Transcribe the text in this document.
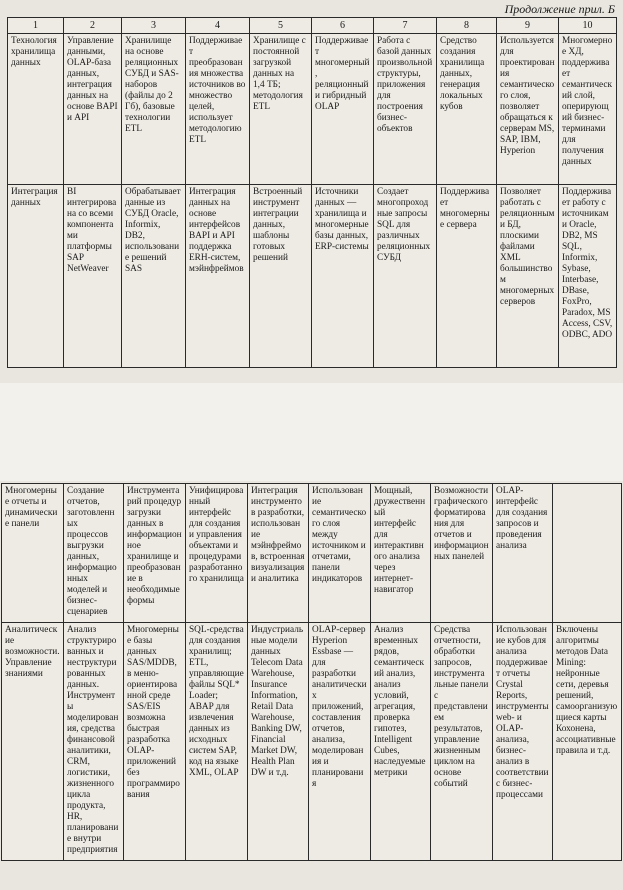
Продолжение прил. Б
1	2	3	4	5	6	7	8	9	10
Технология хранилища данных	Управление данными, OLAP-база данных, интеграция данных на основе BAPI и API	Хранилище на основе реляционных СУБД и SAS-наборов (файлы до 2 Гб), базовые технологии ETL	Поддерживает преобразования множества источников во множество целей, использует методологию ETL	Хранилище с постоянной загрузкой данных на 1,4 ТБ; методология ETL	Поддерживает многомерный, реляционный и гибридный OLAP	Работа с базой данных произвольной структуры, приложения для построения бизнес-объектов	Средство создания хранилища данных, генерация локальных кубов	Используется для проектирования семантического слоя, позволяет обращаться к серверам MS, SAP, IBM, Hyperion	Многомерное ХД, поддерживает семантический слой, оперирующий бизнес-терминами для получения данных
Интеграция данных	BI интегрирована со всеми компонентами платформы SAP NetWeaver	Обрабатывает данные из СУБД Oracle, Informix, DB2, использование решений SAS	Интеграция данных на основе интерфейсов BAPI и API поддержка ERH-систем, мэйнфреймов	Встроенный инструмент интеграции данных, шаблоны готовых решений	Источники данных — хранилища и многомерные базы данных, ERP-системы	Создает многопроходные запросы SQL для различных реляционных СУБД	Поддерживает многомерные сервера	Позволяет работать с реляционными БД, плоскими файлами XML большинством многомерных серверов	Поддерживает работу с источниками Oracle, DB2, MS SQL, Informix, Sybase, Interbase, DBase, FoxPro, Paradox, MS Access, CSV, ODBC, ADO
Многомерные отчеты и динамические панели	Создание отчетов, заготовленных процессов выгрузки данных, информационных моделей и бизнес-сценариев	Инструментарий процедур загрузки данных в информационное хранилище и преобразование в необходимые формы	Унифицированный интерфейс для создания и управления объектами и процедурами разработанного хранилища	Интеграция инструментов разработки, использование мэйнфреймов, встроенная визуализация и аналитика	Использование семантического слоя между источником и отчетами, панели индикаторов	Мощный, дружественный интерфейс для интерактивного анализа через интернет-навигатор	Возможности графического форматирования для отчетов и информационных панелей	OLAP-интерфейс для создания запросов и проведения анализа	
Аналитические возможности. Управление знаниями	Анализ структурированных и неструктурированных данных. Инструменты моделирования, средства финансовой аналитики, CRM, логистики, жизненного цикла продукта, HR, планирование внутри предприятия	Многомерные базы данных SAS/MDDB, в меню-ориентированной среде SAS/EIS возможна быстрая разработка OLAP-приложений без программирования	SQL-средства для создания хранилищ; ETL, управляющие файлы SQL* Loader; ABAP для извлечения данных из исходных систем SAP, код на языке XML, OLAP	Индустриальные модели данных Telecom Data Warehouse, Insurance Information, Retail Data Warehouse, Banking DW, Financial Market DW, Health Plan DW и т.д.	OLAP-сервер Hyperion Essbase — для разработки аналитических приложений, составления отчетов, анализа, моделирования и планирования	Анализ временных рядов, семантический анализ, анализ условий, агрегация, проверка гипотез, Intelligent Cubes, наследуемые метрики	Средства отчетности, обработки запросов, инструментальные панели с представлением результатов, управление жизненным циклом на основе событий	Использование кубов для анализа поддерживает отчеты Crystal Reports, инструменты web- и OLAP-анализа, бизнес-анализ в соответствии с бизнес-процессами	Включены алгоритмы методов Data Mining: нейронные сети, деревья решений, самоорганизующиеся карты Кохонена, ассоциативные правила и т.д.
